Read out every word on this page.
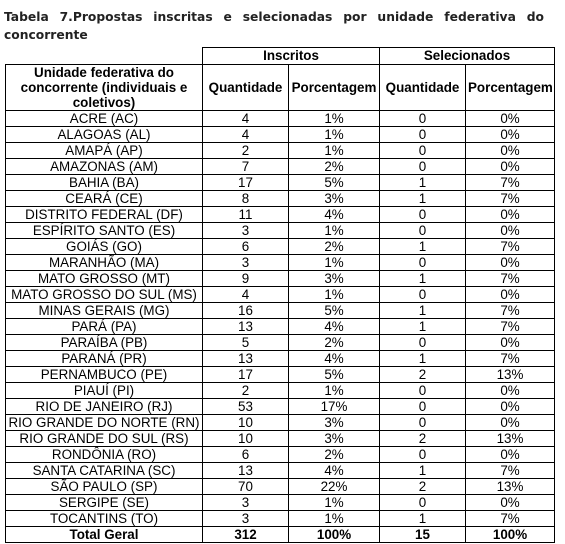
Tabela 7.Propostas inscritas e selecionadas por unidade federativa do concorrente
	Inscritos		Selecionados	
Unidade federativa do concorrente (individuais e coletivos)	Quantidade	Porcentagem	Quantidade	Porcentagem
ACRE (AC)	4	1%	0	0%
ALAGOAS (AL)	4	1%	0	0%
AMAPÁ (AP)	2	1%	0	0%
AMAZONAS (AM)	7	2%	0	0%
BAHIA (BA)	17	5%	1	7%
CEARÁ (CE)	8	3%	1	7%
DISTRITO FEDERAL (DF)	11	4%	0	0%
ESPÍRITO SANTO (ES)	3	1%	0	0%
GOIÁS (GO)	6	2%	1	7%
MARANHÃO (MA)	3	1%	0	0%
MATO GROSSO (MT)	9	3%	1	7%
MATO GROSSO DO SUL (MS)	4	1%	0	0%
MINAS GERAIS (MG)	16	5%	1	7%
PARÁ (PA)	13	4%	1	7%
PARAÍBA (PB)	5	2%	0	0%
PARANÁ (PR)	13	4%	1	7%
PERNAMBUCO (PE)	17	5%	2	13%
PIAUÍ (PI)	2	1%	0	0%
RIO DE JANEIRO (RJ)	53	17%	0	0%
RIO GRANDE DO NORTE (RN)	10	3%	0	0%
RIO GRANDE DO SUL (RS)	10	3%	2	13%
RONDÔNIA (RO)	6	2%	0	0%
SANTA CATARINA (SC)	13	4%	1	7%
SÃO PAULO (SP)	70	22%	2	13%
SERGIPE (SE)	3	1%	0	0%
TOCANTINS (TO)	3	1%	1	7%
Total Geral	312	100%	15	100%
